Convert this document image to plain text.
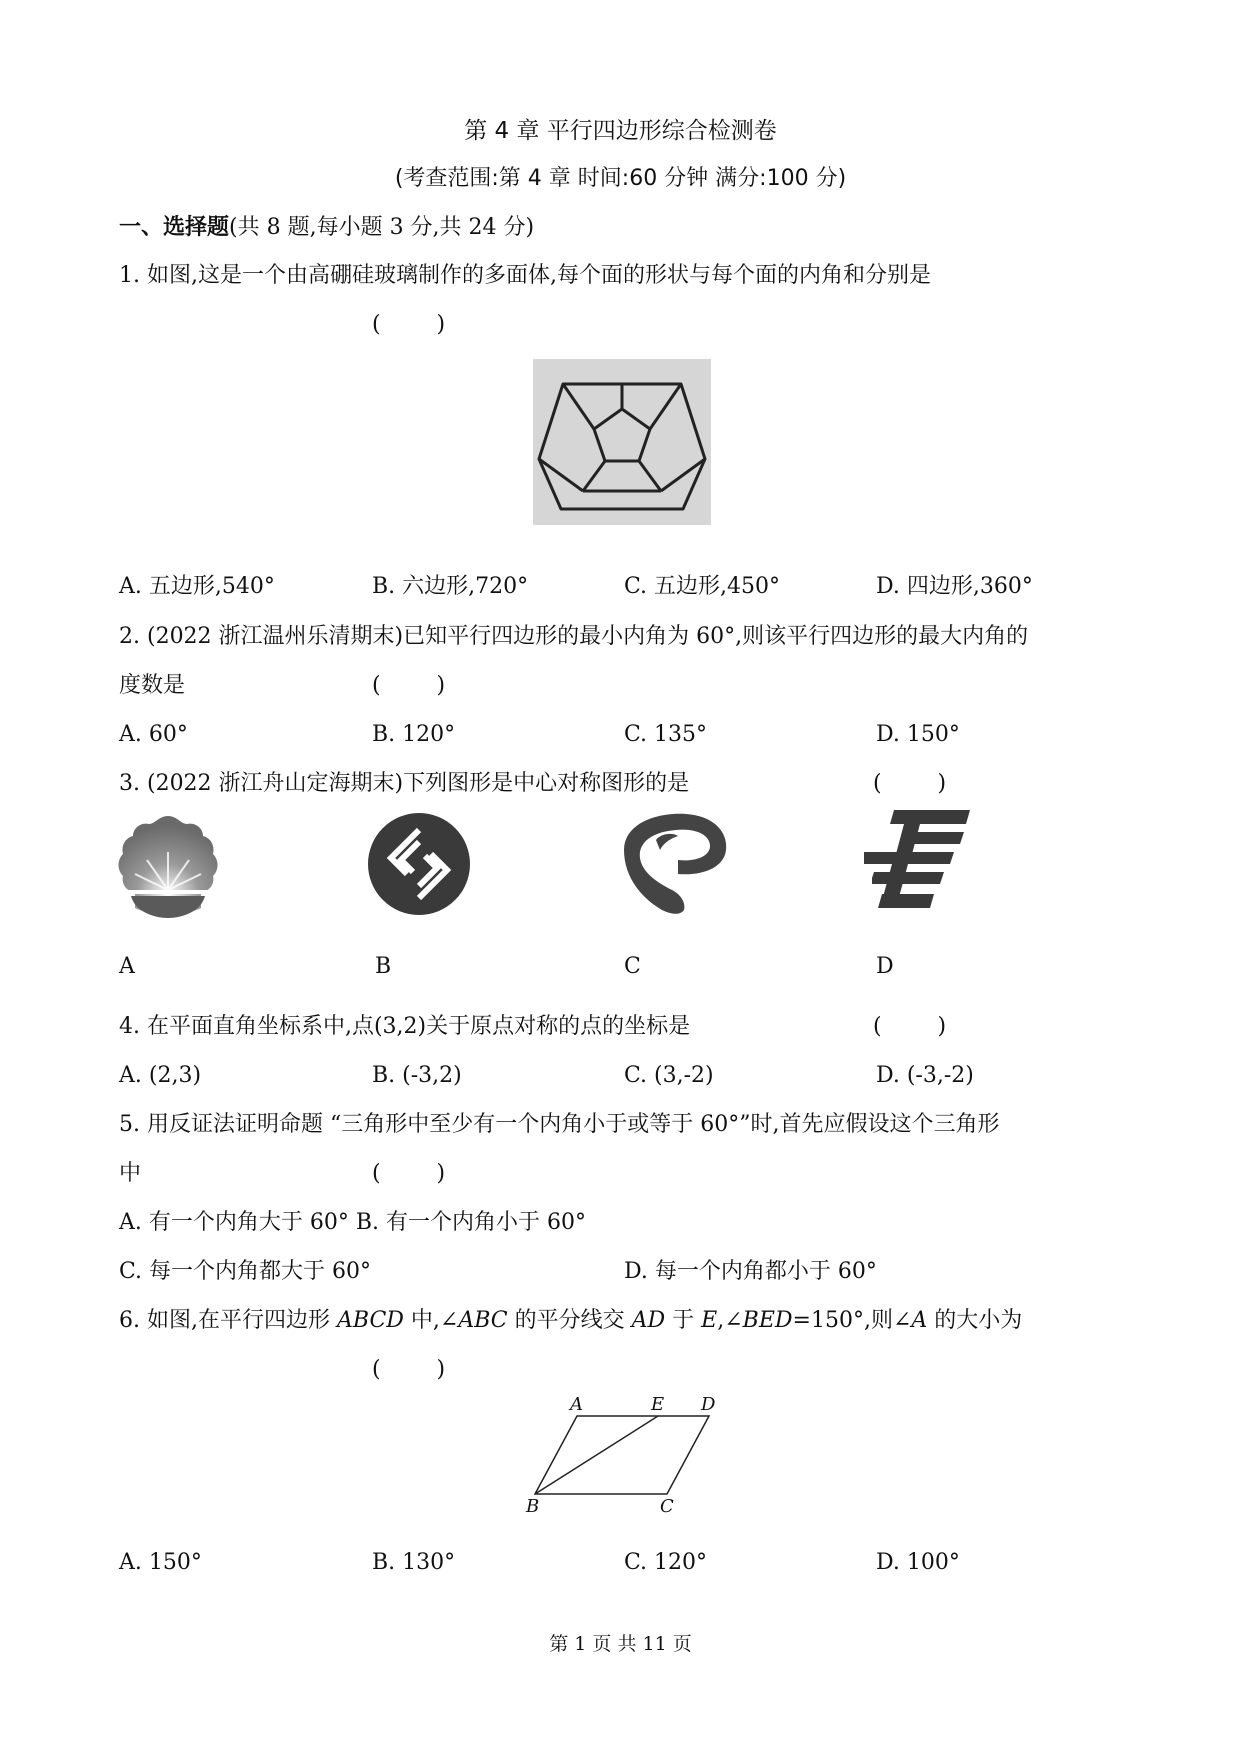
第 4 章 平行四边形综合检测卷
(考查范围:第 4 章 时间:60 分钟 满分:100 分)
一、选择题(共 8 题,每小题 3 分,共 24 分)
1. 如图,这是一个由高硼硅玻璃制作的多面体,每个面的形状与每个面的内角和分别是
(        )
A. 五边形,540°	B. 六边形,720°	C. 五边形,450°	D. 四边形,360°
2. (2022 浙江温州乐清期末)已知平行四边形的最小内角为 60°,则该平行四边形的最大内角的
度数是	(        )
A. 60°	B. 120°	C. 135°	D. 150°
3. (2022 浙江舟山定海期末)下列图形是中心对称图形的是	(        )
A	B	C	D
4. 在平面直角坐标系中,点(3,2)关于原点对称的点的坐标是	(        )
A. (2,3)	B. (-3,2)	C. (3,-2)	D. (-3,-2)
5. 用反证法证明命题 “三角形中至少有一个内角小于或等于 60°”时,首先应假设这个三角形
中	(        )
A. 有一个内角大于 60° B. 有一个内角小于 60°
C. 每一个内角都大于 60°	D. 每一个内角都小于 60°
6. 如图,在平行四边形 ABCD 中,∠ABC 的平分线交 AD 于 E,∠BED=150°,则∠A 的大小为
(        )
A	E D
B	C
A. 150°	B. 130°	C. 120°	D. 100°
第 1 页 共 11 页
